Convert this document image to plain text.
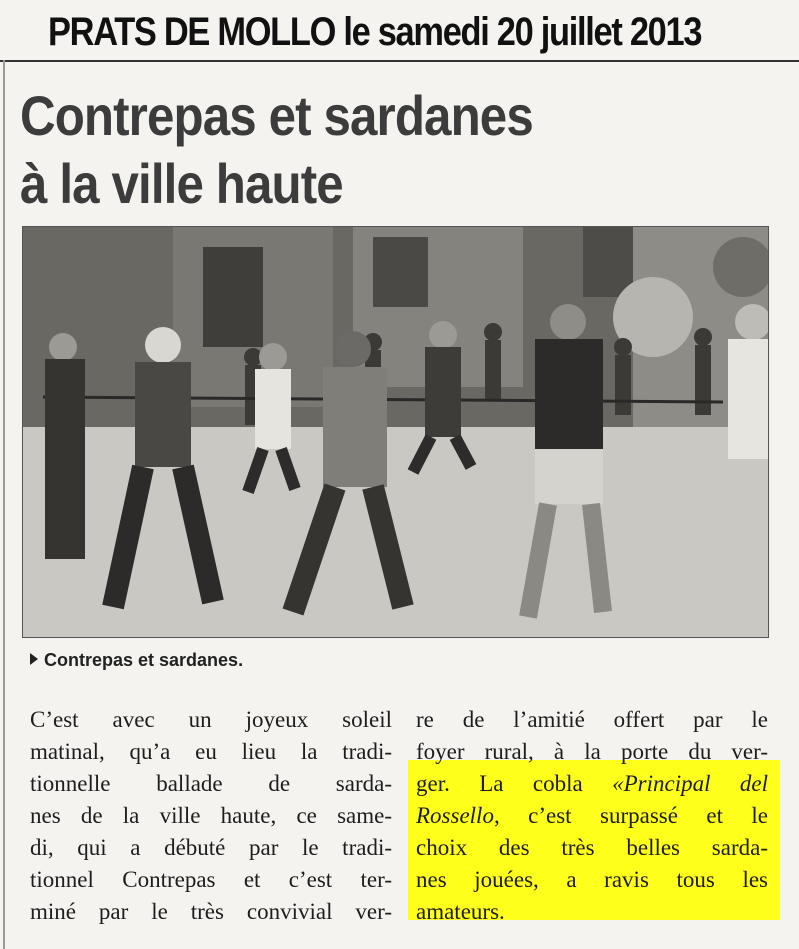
PRATS DE MOLLO le samedi 20 juillet 2013

Contrepas et sardanes
à la ville haute
Contrepas et sardanes.
C’est avec un joyeux soleil
matinal, qu’a eu lieu la tradi-
tionnelle ballade de sarda-
nes de la ville haute, ce same-
di, qui a débuté par le tradi-
tionnel Contrepas et c’est ter-
miné par le très convivial ver-
re de l’amitié offert par le
foyer rural, à la porte du ver-
ger. La cobla «Principal del
Rossello, c’est surpassé et le
choix des très belles sarda-
nes jouées, a ravis tous les
amateurs.
